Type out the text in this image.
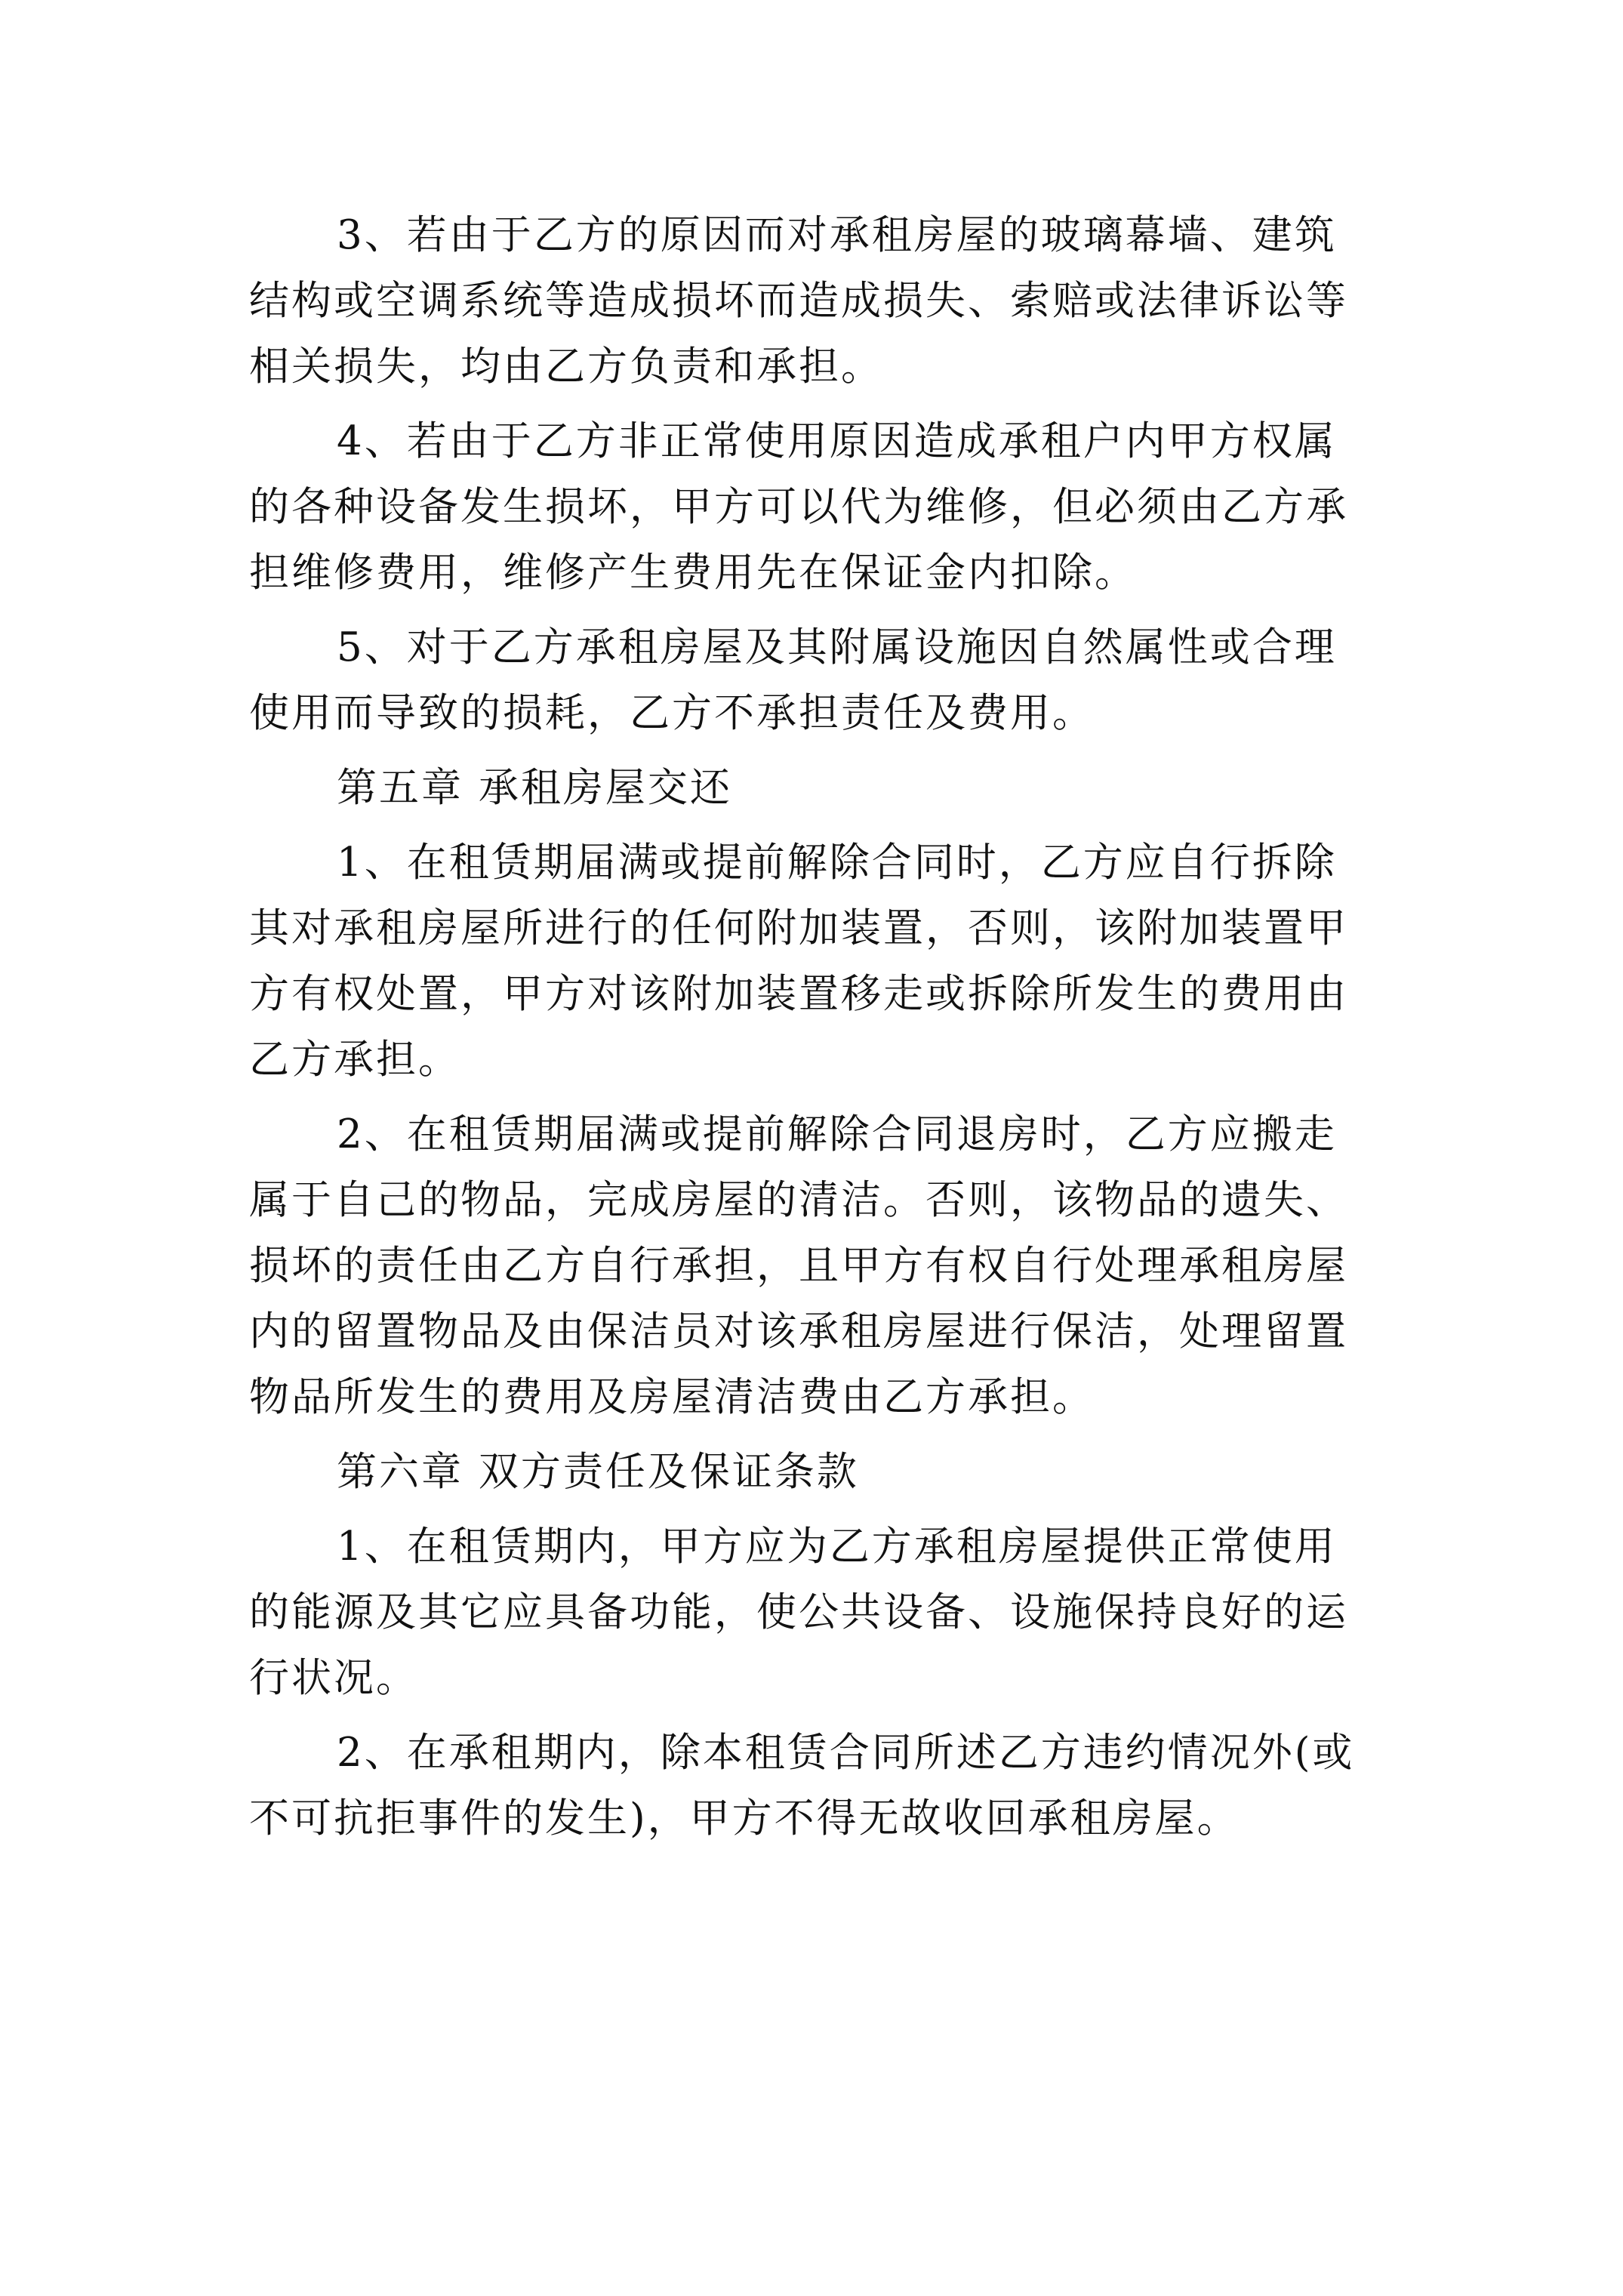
3、若由于乙方的原因而对承租房屋的玻璃幕墙、建筑
结构或空调系统等造成损坏而造成损失、索赔或法律诉讼等
相关损失，均由乙方负责和承担。

4、若由于乙方非正常使用原因造成承租户内甲方权属
的各种设备发生损坏，甲方可以代为维修，但必须由乙方承
担维修费用，维修产生费用先在保证金内扣除。

5、对于乙方承租房屋及其附属设施因自然属性或合理
使用而导致的损耗，乙方不承担责任及费用。

第五章 承租房屋交还

1、在租赁期届满或提前解除合同时，乙方应自行拆除
其对承租房屋所进行的任何附加装置，否则，该附加装置甲
方有权处置，甲方对该附加装置移走或拆除所发生的费用由
乙方承担。

2、在租赁期届满或提前解除合同退房时，乙方应搬走
属于自己的物品，完成房屋的清洁。否则，该物品的遗失、
损坏的责任由乙方自行承担，且甲方有权自行处理承租房屋
内的留置物品及由保洁员对该承租房屋进行保洁，处理留置
物品所发生的费用及房屋清洁费由乙方承担。

第六章 双方责任及保证条款

1、在租赁期内，甲方应为乙方承租房屋提供正常使用
的能源及其它应具备功能，使公共设备、设施保持良好的运
行状况。

2、在承租期内，除本租赁合同所述乙方违约情况外(或
不可抗拒事件的发生)，甲方不得无故收回承租房屋。
